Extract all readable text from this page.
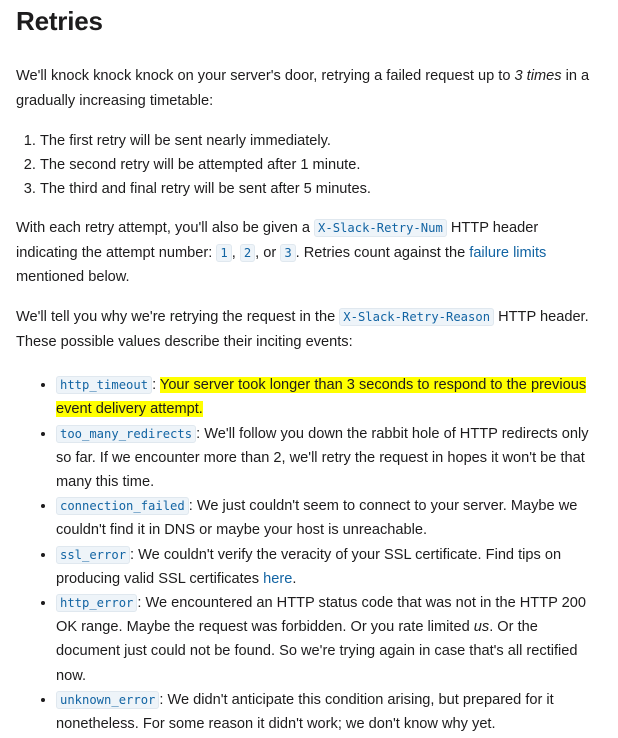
Retries

We'll knock knock knock on your server's door, retrying a failed request up to 3 times in a gradually increasing timetable:

1. The first retry will be sent nearly immediately.
2. The second retry will be attempted after 1 minute.
3. The third and final retry will be sent after 5 minutes.

With each retry attempt, you'll also be given a X-Slack-Retry-Num HTTP header indicating the attempt number: 1 , 2 , or 3 . Retries count against the failure limits mentioned below.

We'll tell you why we're retrying the request in the X-Slack-Retry-Reason HTTP header. These possible values describe their inciting events:

• http_timeout : Your server took longer than 3 seconds to respond to the previous event delivery attempt.
• too_many_redirects : We'll follow you down the rabbit hole of HTTP redirects only so far. If we encounter more than 2, we'll retry the request in hopes it won't be that many this time.
• connection_failed : We just couldn't seem to connect to your server. Maybe we couldn't find it in DNS or maybe your host is unreachable.
• ssl_error : We couldn't verify the veracity of your SSL certificate. Find tips on producing valid SSL certificates here.
• http_error : We encountered an HTTP status code that was not in the HTTP 200 OK range. Maybe the request was forbidden. Or you rate limited us. Or the document just could not be found. So we're trying again in case that's all rectified now.
• unknown_error : We didn't anticipate this condition arising, but prepared for it nonetheless. For some reason it didn't work; we don't know why yet.
